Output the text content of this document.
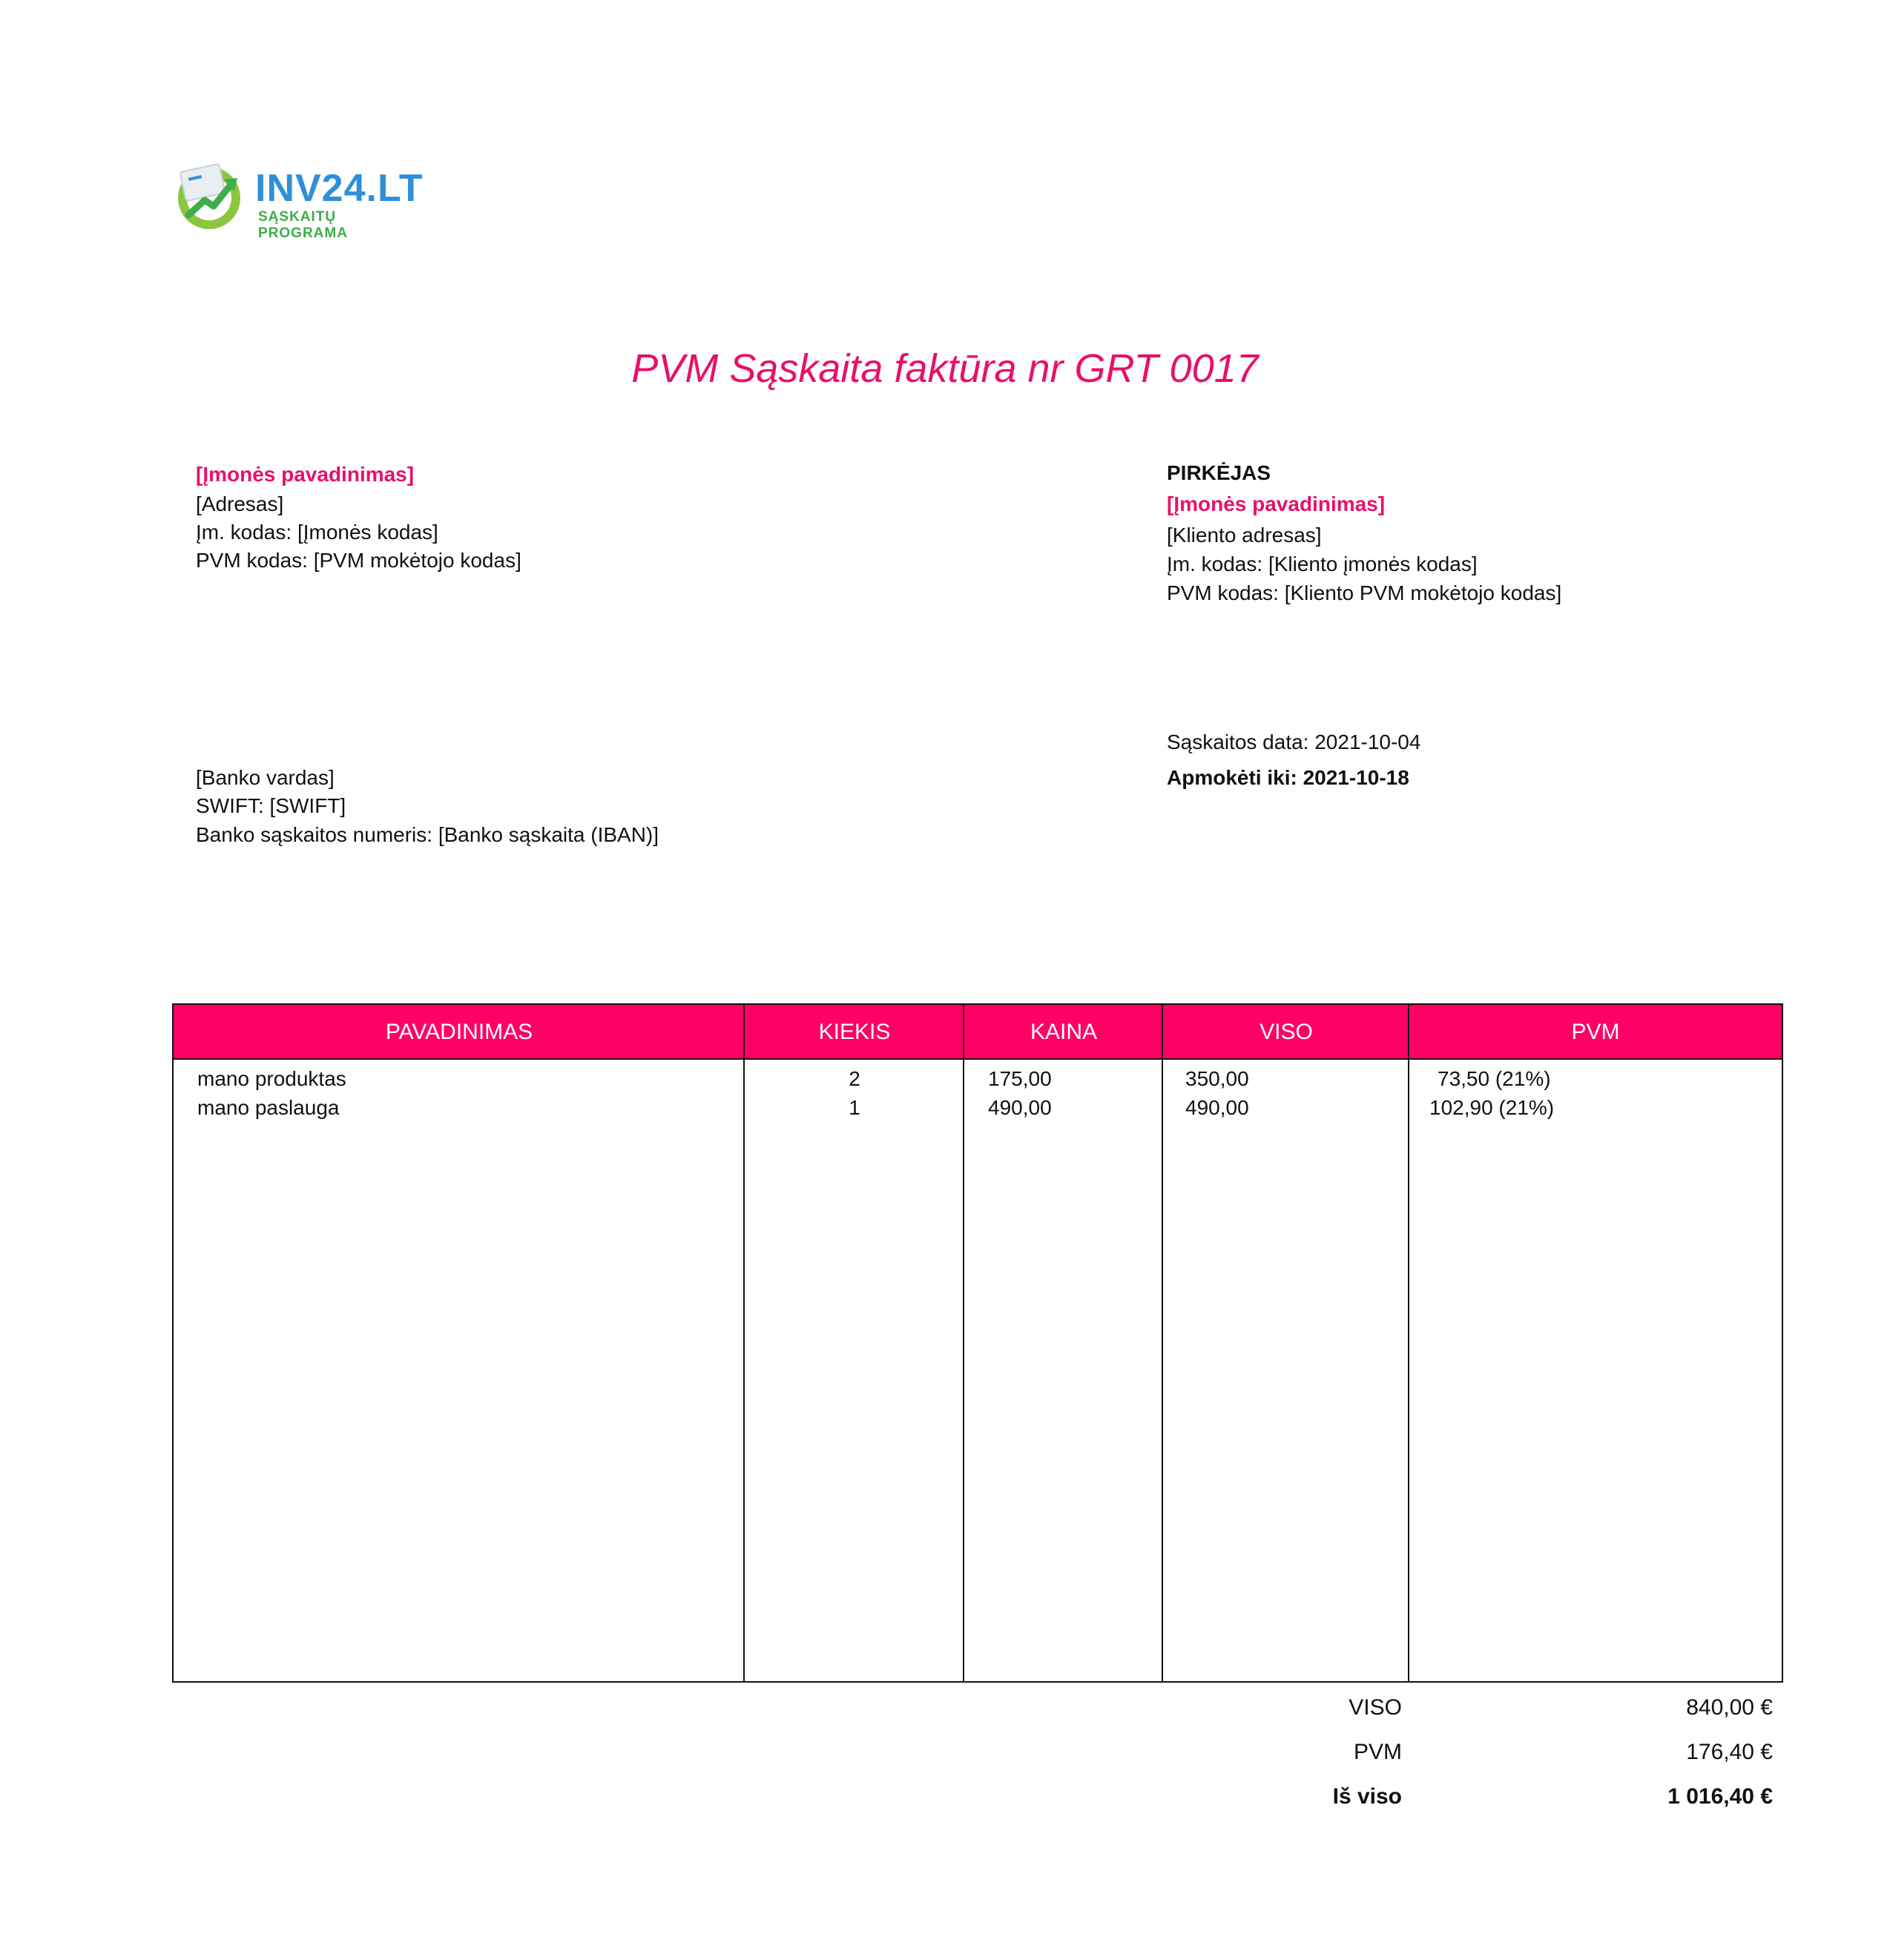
INV24.LT
SĄSKAITŲ PROGRAMA
PVM Sąskaita faktūra nr GRT 0017
[Įmonės pavadinimas]
[Adresas]
Įm. kodas: [Įmonės kodas]
PVM kodas: [PVM mokėtojo kodas]
PIRKĖJAS
[Įmonės pavadinimas]
[Kliento adresas]
Įm. kodas: [Kliento įmonės kodas]
PVM kodas: [Kliento PVM mokėtojo kodas]
Sąskaitos data: 2021-10-04
Apmokėti iki: 2021-10-18
[Banko vardas]
SWIFT: [SWIFT]
Banko sąskaitos numeris: [Banko sąskaita (IBAN)]
PAVADINIMAS	KIEKIS	KAINA	VISO	PVM
mano produktas	2	175,00	350,00	73,50 (21%)
mano paslauga	1	490,00	490,00	102,90 (21%)
VISO	840,00 €
PVM	176,40 €
Iš viso	1 016,40 €
